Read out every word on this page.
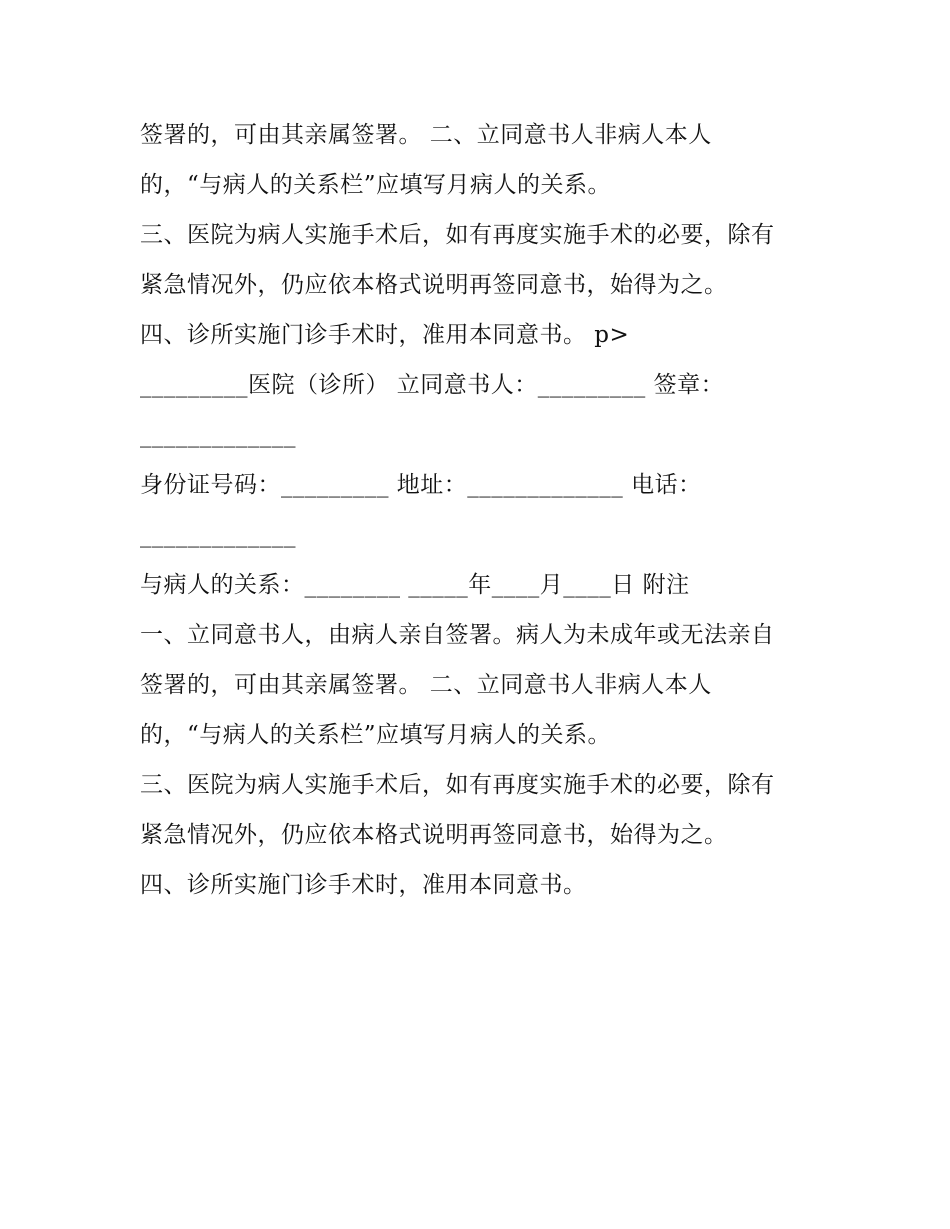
签署的，可由其亲属签署。 二、立同意书人非病人本人
的，“与病人的关系栏”应填写月病人的关系。
三、医院为病人实施手术后，如有再度实施手术的必要，除有
紧急情况外，仍应依本格式说明再签同意书，始得为之。
四、诊所实施门诊手术时，准用本同意书。 p>
_________医院（诊所） 立同意书人：_________ 签章：
_____________
身份证号码：_________ 地址：_____________ 电话：
_____________
与病人的关系：________ _____年____月____日 附注
一、立同意书人，由病人亲自签署。病人为未成年或无法亲自
签署的，可由其亲属签署。 二、立同意书人非病人本人
的，“与病人的关系栏”应填写月病人的关系。
三、医院为病人实施手术后，如有再度实施手术的必要，除有
紧急情况外，仍应依本格式说明再签同意书，始得为之。
四、诊所实施门诊手术时，准用本同意书。
